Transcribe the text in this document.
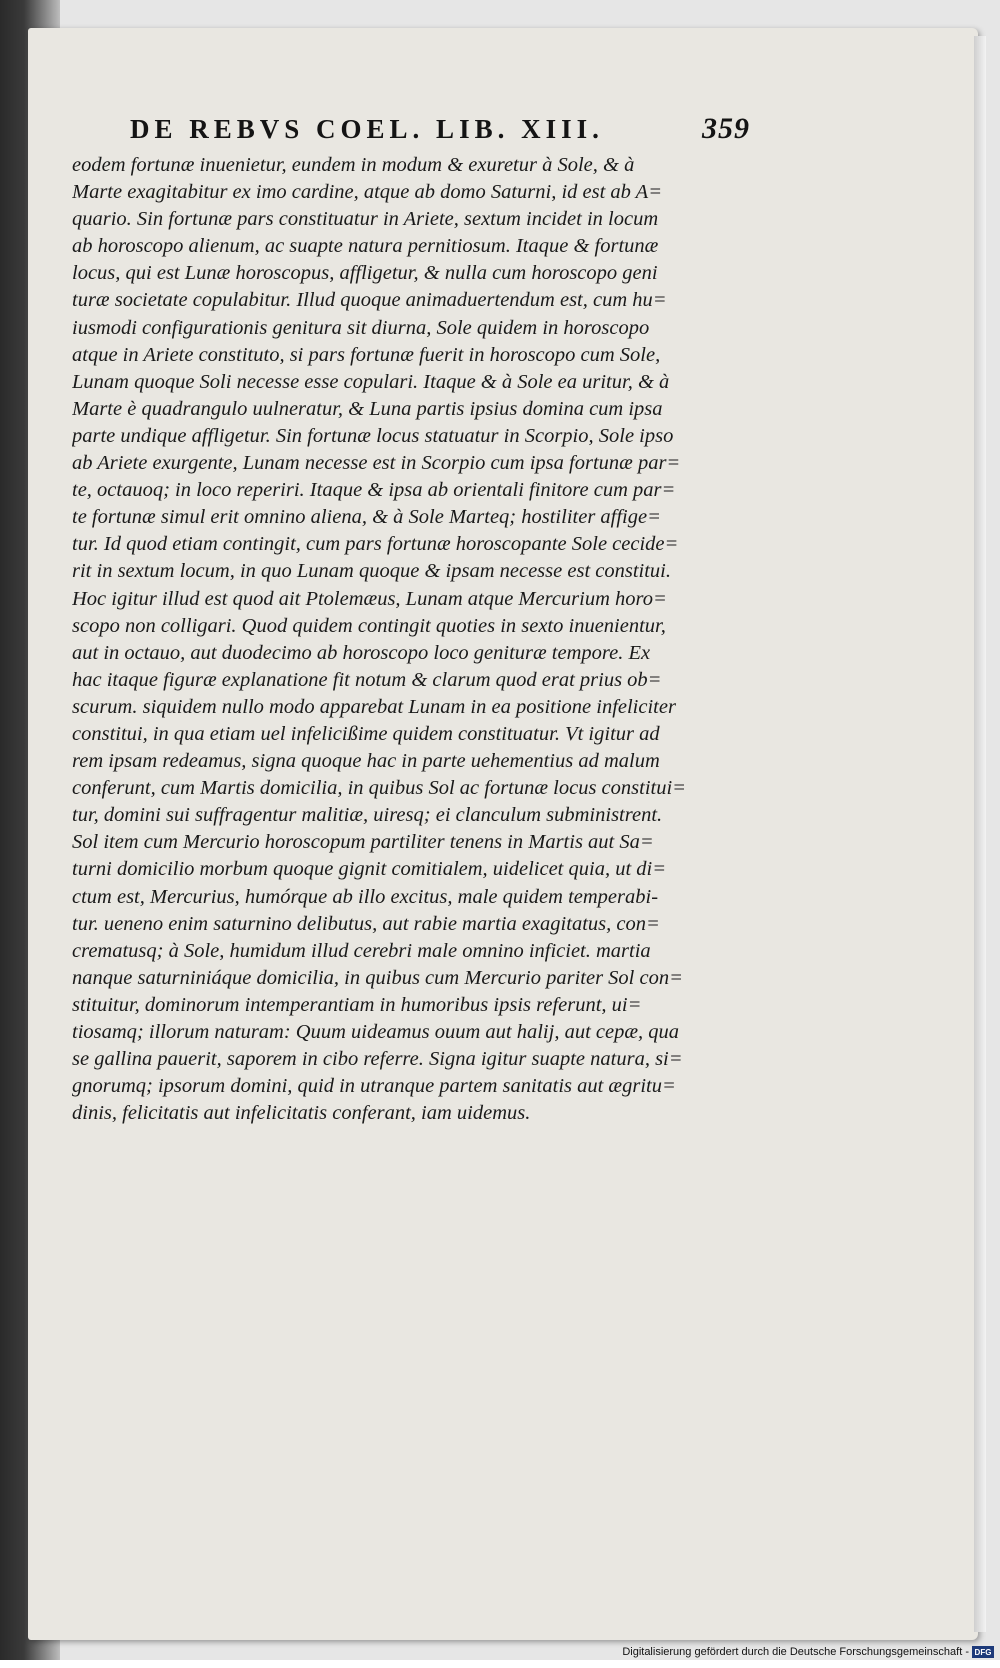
DE REBVS COEL. LIB. XIII.	359
eodem fortunæ inuenietur, eundem in modum & exuretur à Sole, & à
Marte exagitabitur ex imo cardine, atque ab domo Saturni, id est ab A=
quario. Sin fortunæ pars constituatur in Ariete, sextum incidet in locum
ab horoscopo alienum, ac suapte natura pernitiosum. Itaque & fortunæ
locus, qui est Lunæ horoscopus, affligetur, & nulla cum horoscopo geni
turæ societate copulabitur. Illud quoque animaduertendum est, cum hu=
iusmodi configurationis genitura sit diurna, Sole quidem in horoscopo
atque in Ariete constituto, si pars fortunæ fuerit in horoscopo cum Sole,
Lunam quoque Soli necesse esse copulari. Itaque & à Sole ea uritur, & à
Marte è quadrangulo uulneratur, & Luna partis ipsius domina cum ipsa
parte undique affligetur. Sin fortunæ locus statuatur in Scorpio, Sole ipso
ab Ariete exurgente, Lunam necesse est in Scorpio cum ipsa fortunæ par=
te, octauoq; in loco reperiri. Itaque & ipsa ab orientali finitore cum par=
te fortunæ simul erit omnino aliena, & à Sole Marteq; hostiliter affige=
tur. Id quod etiam contingit, cum pars fortunæ horoscopante Sole cecide=
rit in sextum locum, in quo Lunam quoque & ipsam necesse est constitui.
Hoc igitur illud est quod ait Ptolemæus, Lunam atque Mercurium horo=
scopo non colligari. Quod quidem contingit quoties in sexto inuenientur,
aut in octauo, aut duodecimo ab horoscopo loco genituræ tempore. Ex
hac itaque figuræ explanatione fit notum & clarum quod erat prius ob=
scurum. siquidem nullo modo apparebat Lunam in ea positione infeliciter
constitui, in qua etiam uel infelicißime quidem constituatur. Vt igitur ad
rem ipsam redeamus, signa quoque hac in parte uehementius ad malum
conferunt, cum Martis domicilia, in quibus Sol ac fortunæ locus constitui=
tur, domini sui suffragentur malitiæ, uiresq; ei clanculum subministrent.
Sol item cum Mercurio horoscopum partiliter tenens in Martis aut Sa=
turni domicilio morbum quoque gignit comitialem, uidelicet quia, ut di=
ctum est, Mercurius, humórque ab illo excitus, male quidem temperabi-
tur. ueneno enim saturnino delibutus, aut rabie martia exagitatus, con=
crematusq; à Sole, humidum illud cerebri male omnino inficiet. martia
nanque saturniniáque domicilia, in quibus cum Mercurio pariter Sol con=
stituitur, dominorum intemperantiam in humoribus ipsis referunt, ui=
tiosamq; illorum naturam: Quum uideamus ouum aut halij, aut cepæ, qua
se gallina pauerit, saporem in cibo referre. Signa igitur suapte natura, si=
gnorumq; ipsorum domini, quid in utranque partem sanitatis aut ægritu=
dinis, felicitatis aut infelicitatis conferant, iam uidemus.
Digitalisierung gefördert durch die Deutsche Forschungsgemeinschaft - DFG
